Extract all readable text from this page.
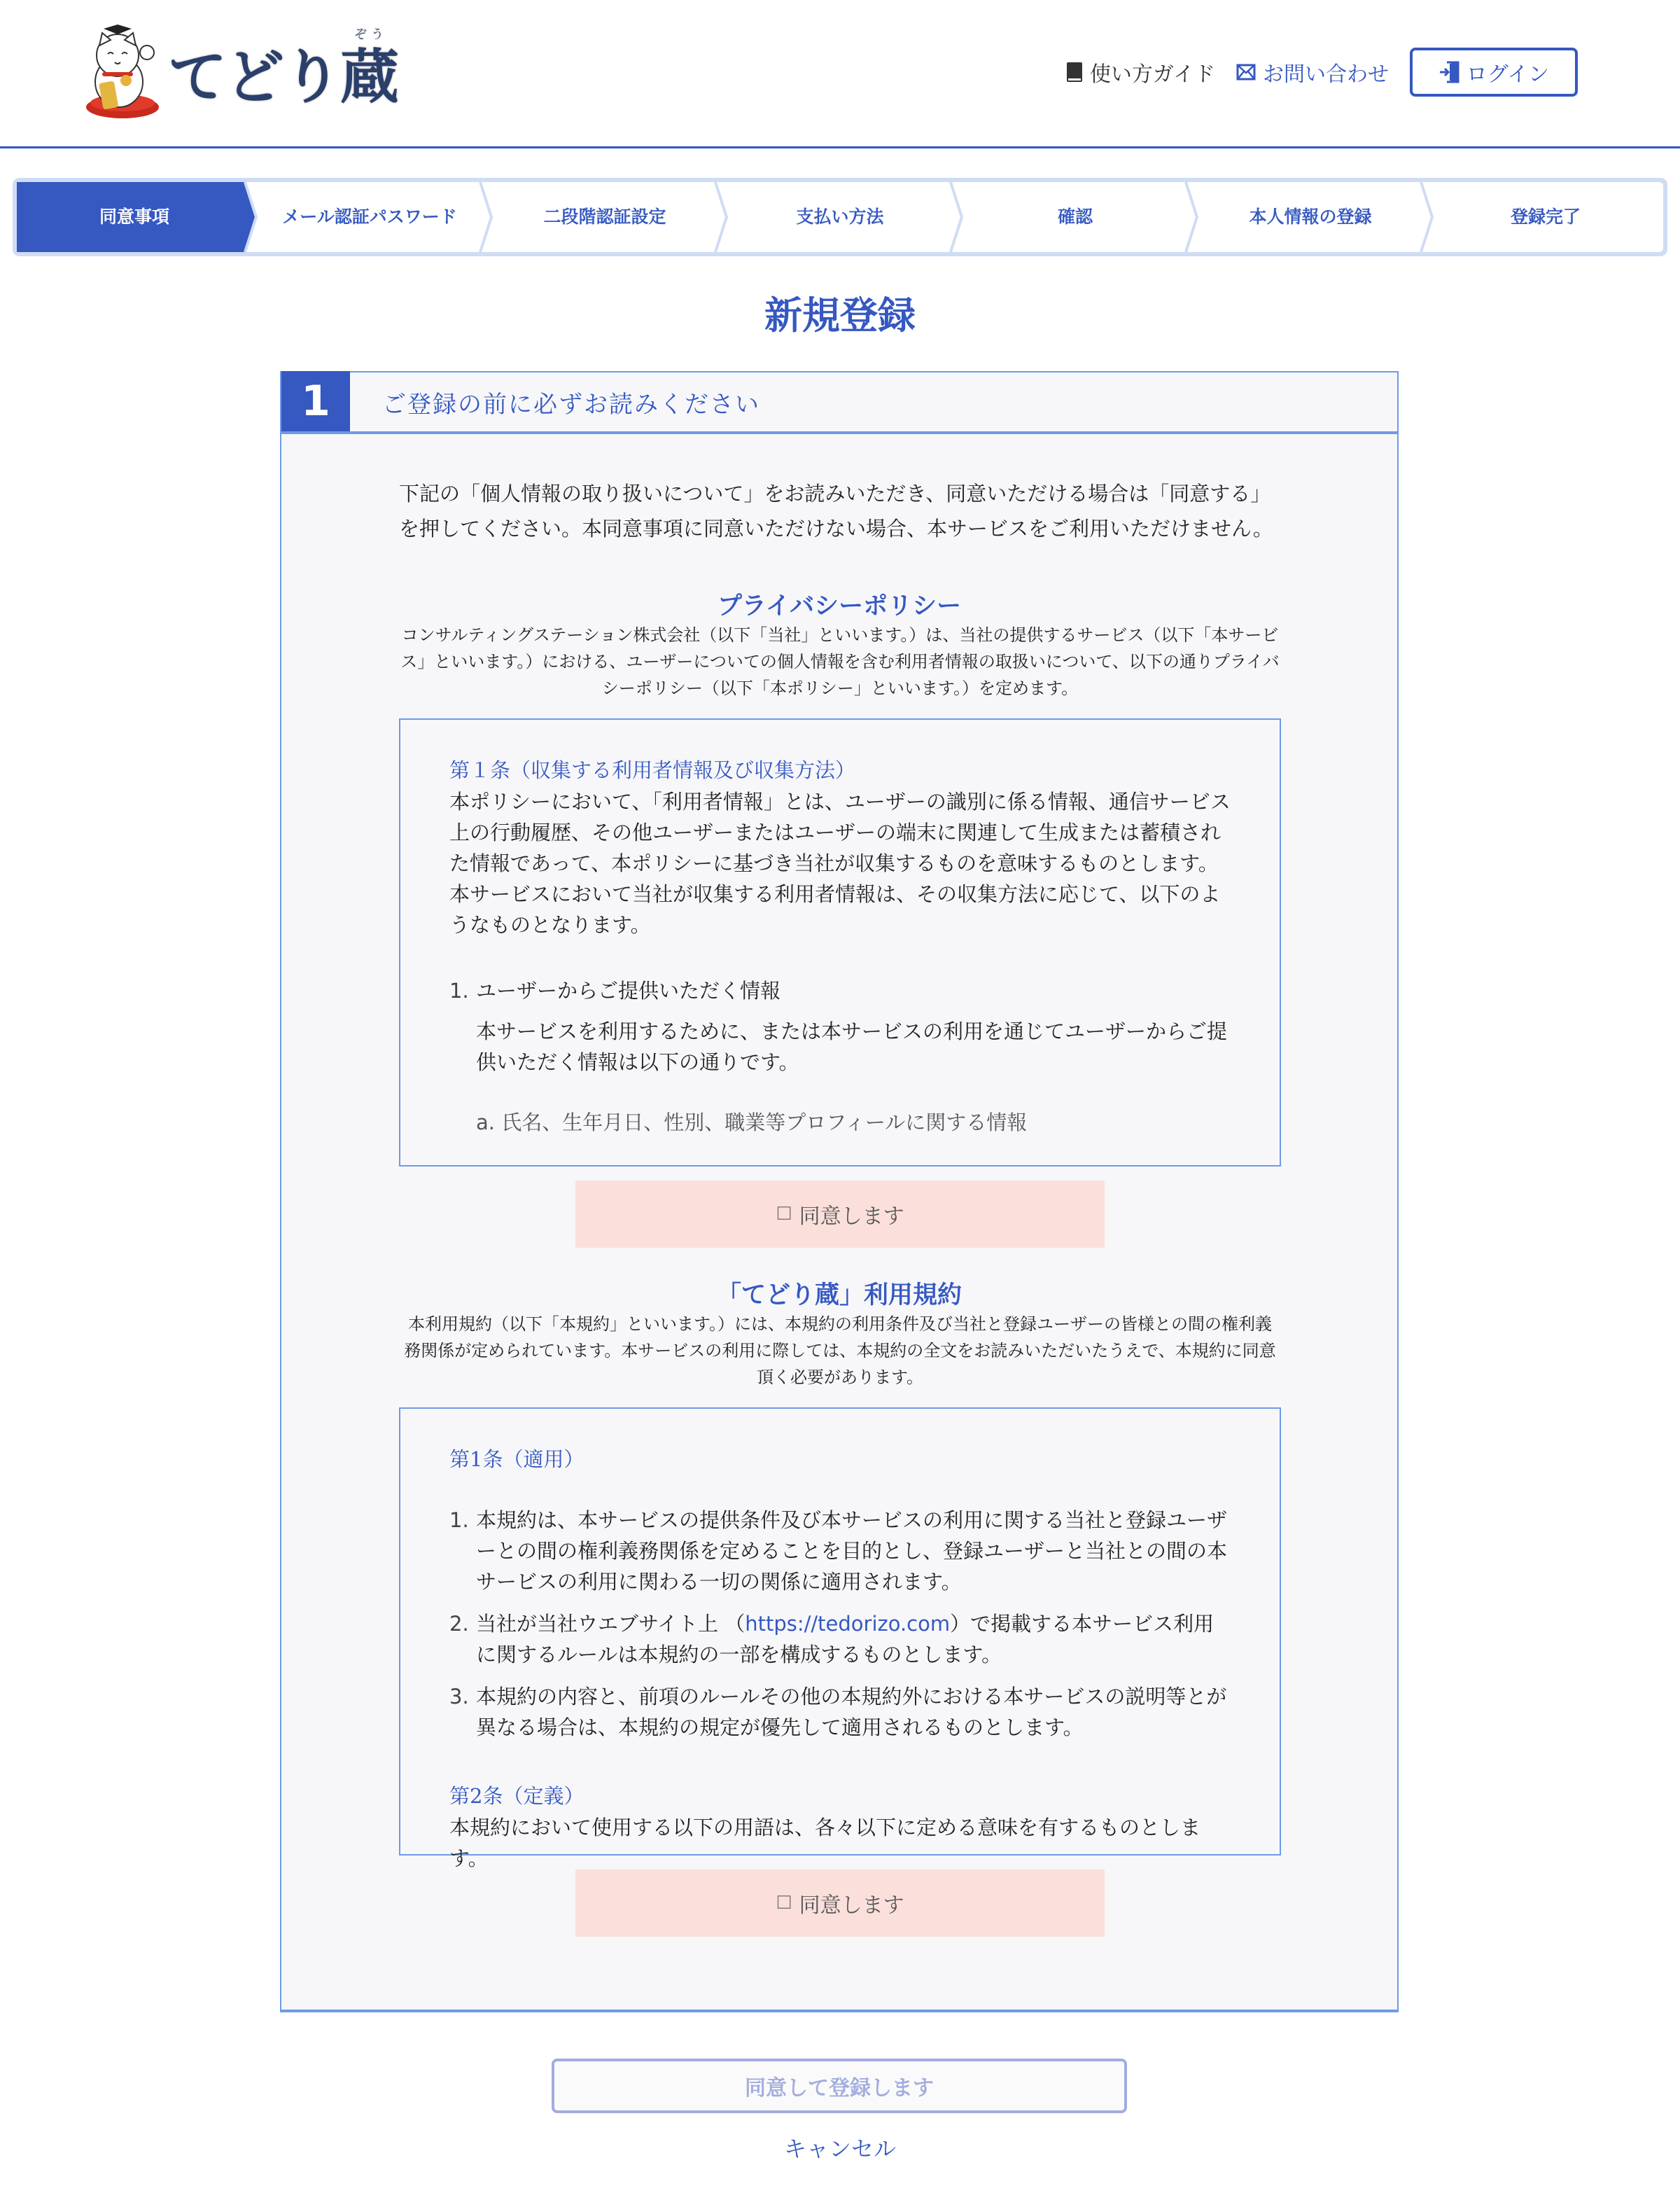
てどり蔵
ぞう
使い方ガイド お問い合わせ	ログイン
同意事項	メール認証パスワード	二段階認証設定	支払い方法	確認	本人情報の登録	登録完了
新規登録
1	ご登録の前に必ずお読みください

下記の「個人情報の取り扱いについて」をお読みいただき、同意いただける場合は「同意する」を押してください。本同意事項に同意いただけない場合、本サービスをご利用いただけません。

プライバシーポリシー

コンサルティングステーション株式会社（以下「当社」といいます。）は、当社の提供するサービス（以下「本サービス」といいます。）における、ユーザーについての個人情報を含む利用者情報の取扱いについて、以下の通りプライバシーポリシー（以下「本ポリシー」といいます。）を定めます。

第１条（収集する利用者情報及び収集方法）

本ポリシーにおいて、「利用者情報」とは、ユーザーの識別に係る情報、通信サービス上の行動履歴、その他ユーザーまたはユーザーの端末に関連して生成または蓄積された情報であって、本ポリシーに基づき当社が収集するものを意味するものとします。本サービスにおいて当社が収集する利用者情報は、その収集方法に応じて、以下のようなものとなります。

1. ユーザーからご提供いただく情報

本サービスを利用するために、または本サービスの利用を通じてユーザーからご提供いただく情報は以下の通りです。

a. 氏名、生年月日、性別、職業等プロフィールに関する情報

☐ 同意します
「てどり蔵」利用規約

本利用規約（以下「本規約」といいます。）には、本規約の利用条件及び当社と登録ユーザーの皆様との間の権利義務関係が定められています。本サービスの利用に際しては、本規約の全文をお読みいただいたうえで、本規約に同意頂く必要があります。

第1条（適用）
1. 本規約は、本サービスの提供条件及び本サービスの利用に関する当社と登録ユーザーとの間の権利義務関係を定めることを目的とし、登録ユーザーと当社との間の本サービスの利用に関わる一切の関係に適用されます。
2. 当社が当社ウエブサイト上 （https://tedorizo.com）で掲載する本サービス利用に関するルールは本規約の一部を構成するものとします。
3. 本規約の内容と、前項のルールその他の本規約外における本サービスの説明等とが異なる場合は、本規約の規定が優先して適用されるものとします。
第2条（定義）

本規約において使用する以下の用語は、各々以下に定める意味を有するものとします。

☐ 同意します
同意して登録します
キャンセル
